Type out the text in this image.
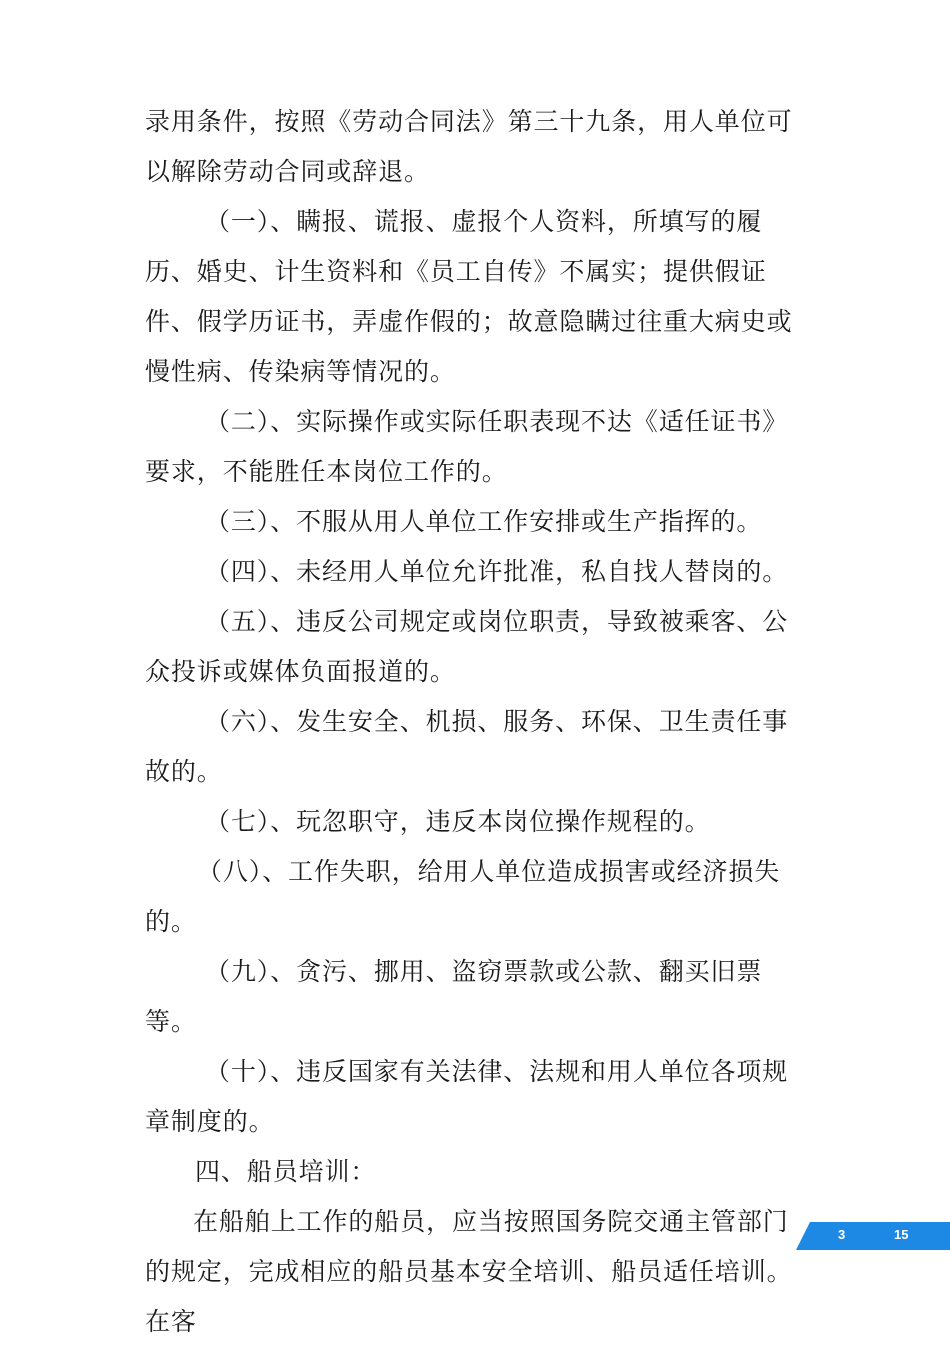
录用条件，按照《劳动合同法》第三十九条，用人单位可以解除劳动合同或辞退。

（一）、瞒报、谎报、虚报个人资料，所填写的履历、婚史、计生资料和《员工自传》不属实；提供假证件、假学历证书，弄虚作假的；故意隐瞒过往重大病史或慢性病、传染病等情况的。

（二）、实际操作或实际任职表现不达《适任证书》要求，不能胜任本岗位工作的。

（三）、不服从用人单位工作安排或生产指挥的。

（四）、未经用人单位允许批准，私自找人替岗的。

（五）、违反公司规定或岗位职责，导致被乘客、公众投诉或媒体负面报道的。

（六）、发生安全、机损、服务、环保、卫生责任事故的。

（七）、玩忽职守，违反本岗位操作规程的。

（八）、工作失职，给用人单位造成损害或经济损失的。

（九）、贪污、挪用、盗窃票款或公款、翻买旧票等。

（十）、违反国家有关法律、法规和用人单位各项规章制度的。

四、船员培训：

在船舶上工作的船员，应当按照国务院交通主管部门的规定，完成相应的船员基本安全培训、船员适任培训。在客

3	15
